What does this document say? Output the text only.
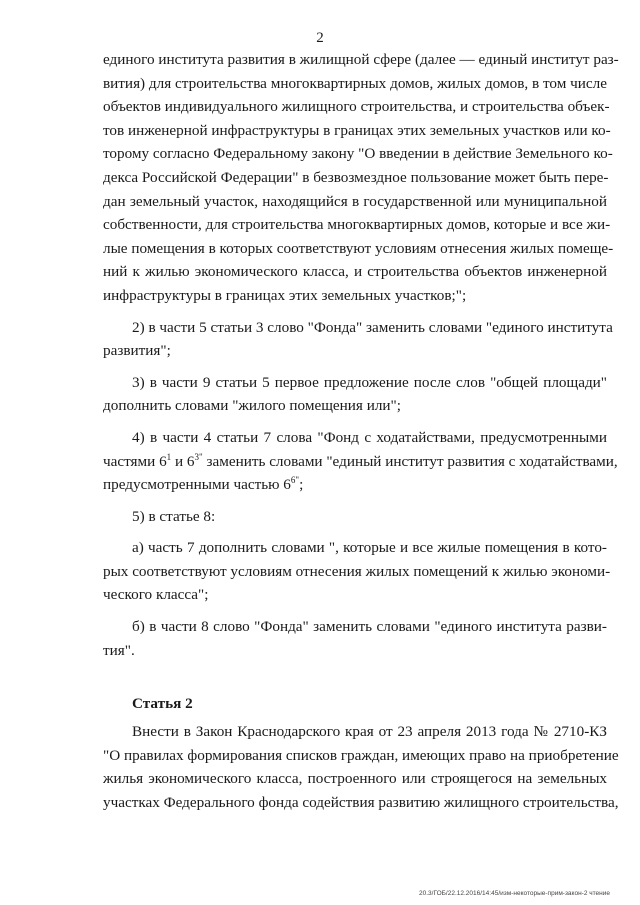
2

единого института развития в жилищной сфере (далее — единый институт раз-
вития) для строительства многоквартирных домов, жилых домов, в том числе
объектов индивидуального жилищного строительства, и строительства объек-
тов инженерной инфраструктуры в границах этих земельных участков или ко-
торому согласно Федеральному закону "О введении в действие Земельного ко-
декса Российской Федерации" в безвозмездное пользование может быть пере-
дан земельный участок, находящийся в государственной или муниципальной
собственности, для строительства многоквартирных домов, которые и все жи-
лые помещения в которых соответствуют условиям отнесения жилых помеще-
ний к жилью экономического класса, и строительства объектов инженерной
инфраструктуры в границах этих земельных участков;";

2) в части 5 статьи 3 слово "Фонда" заменить словами "единого института
развития";

3) в части 9 статьи 5 первое предложение после слов "общей площади"
дополнить словами "жилого помещения или";

4) в части 4 статьи 7 слова "Фонд с ходатайствами, предусмотренными
частями $6^1$ и $6^{3"}$ заменить словами "единый институт развития с ходатайствами,
предусмотренными частью $6^{6"}$;

5) в статье 8:

а) часть 7 дополнить словами ", которые и все жилые помещения в кото-
рых соответствуют условиям отнесения жилых помещений к жилью экономи-
ческого класса";

б) в части 8 слово "Фонда" заменить словами "единого института разви-
тия".

Статья 2

Внести в Закон Краснодарского края от 23 апреля 2013 года № 2710-КЗ
"О правилах формирования списков граждан, имеющих право на приобретение
жилья экономического класса, построенного или строящегося на земельных
участках Федерального фонда содействия развитию жилищного строительства,

20.3/ГОБ/22.12.2016/14:45/изм-некоторые-прим-закон-2 чтение
